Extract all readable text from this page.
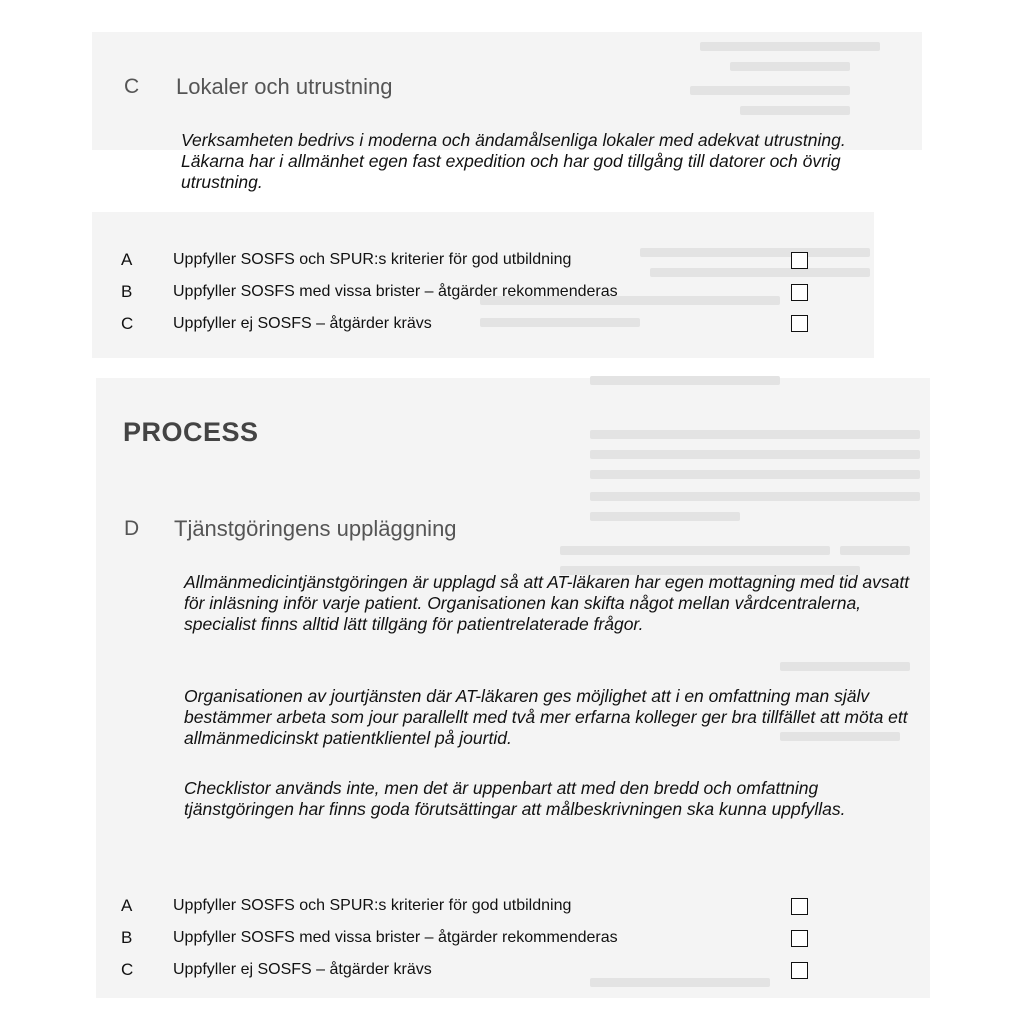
C Lokaler och utrustning

Verksamheten bedrivs i moderna och ändamålsenliga lokaler med adekvat utrustning. Läkarna har i allmänhet egen fast expedition och har god tillgång till datorer och övrig utrustning.

A	Uppfyller SOSFS och SPUR:s kriterier för god utbildning
B	Uppfyller SOSFS med vissa brister – åtgärder rekommenderas
C Uppfyller ej SOSFS – åtgärder krävs
PROCESS
D Tjänstgöringens uppläggning

Allmänmedicintjänstgöringen är upplagd så att AT-läkaren har egen mottagning med tid avsatt för inläsning inför varje patient. Organisationen kan skifta något mellan vårdcentralerna, specialist finns alltid lätt tillgäng för patientrelaterade frågor.

Organisationen av jourtjänsten där AT-läkaren ges möjlighet att i en omfattning man själv bestämmer arbeta som jour parallellt med två mer erfarna kolleger ger bra tillfället att möta ett allmänmedicinskt patientklientel på jourtid.

Checklistor används inte, men det är uppenbart att med den bredd och omfattning tjänstgöringen har finns goda förutsättingar att målbeskrivningen ska kunna uppfyllas.

A	Uppfyller SOSFS och SPUR:s kriterier för god utbildning
B	Uppfyller SOSFS med vissa brister – åtgärder rekommenderas
C Uppfyller ej SOSFS – åtgärder krävs
